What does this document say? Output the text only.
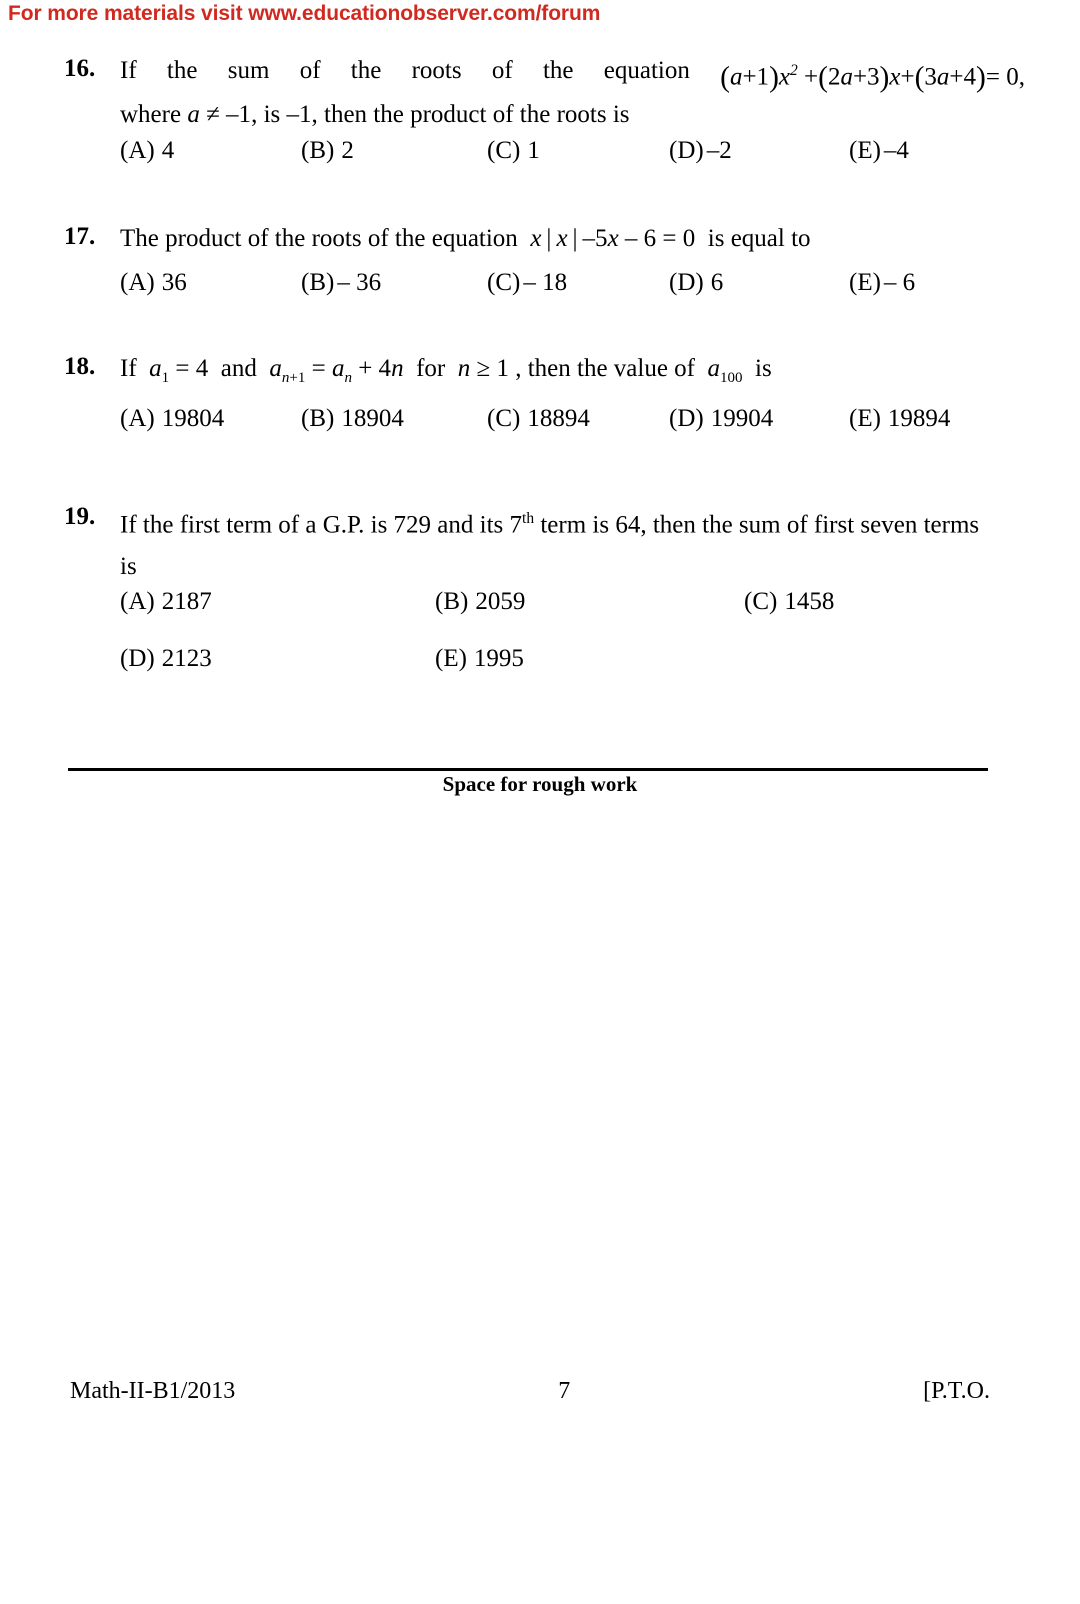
For more materials visit www.educationobserver.com/forum
16. If the sum of the roots of the equation $(a+1)x^2 +(2a+3)x+(3a+4)= 0$,
where a ≠ –1, is –1, then the product of the roots is
(A) 4	(B) 2	(C) 1	(D) –2	(E) –4
17. The product of the roots of the equation x | x | –5x – 6 = 0  is equal to
(A) 36	(B) – 36	(C) – 18	(D) 6	(E) – 6
18. If $a_1 = 4$  and $a_{n+1} = a_n + 4n$ for n ≥ 1 , then the value of $a_{100}$ is
(A) 19804	(B) 18904	(C) 18894	(D) 19904	(E) 19894
19. If the first term of a G.P. is 729 and its 7th term is 64, then the sum of first seven terms
is
(A) 2187	(B) 2059	(C) 1458
(D) 2123	(E) 1995
Space for rough work
Math-II-B1/2013	7	[P.T.O.
